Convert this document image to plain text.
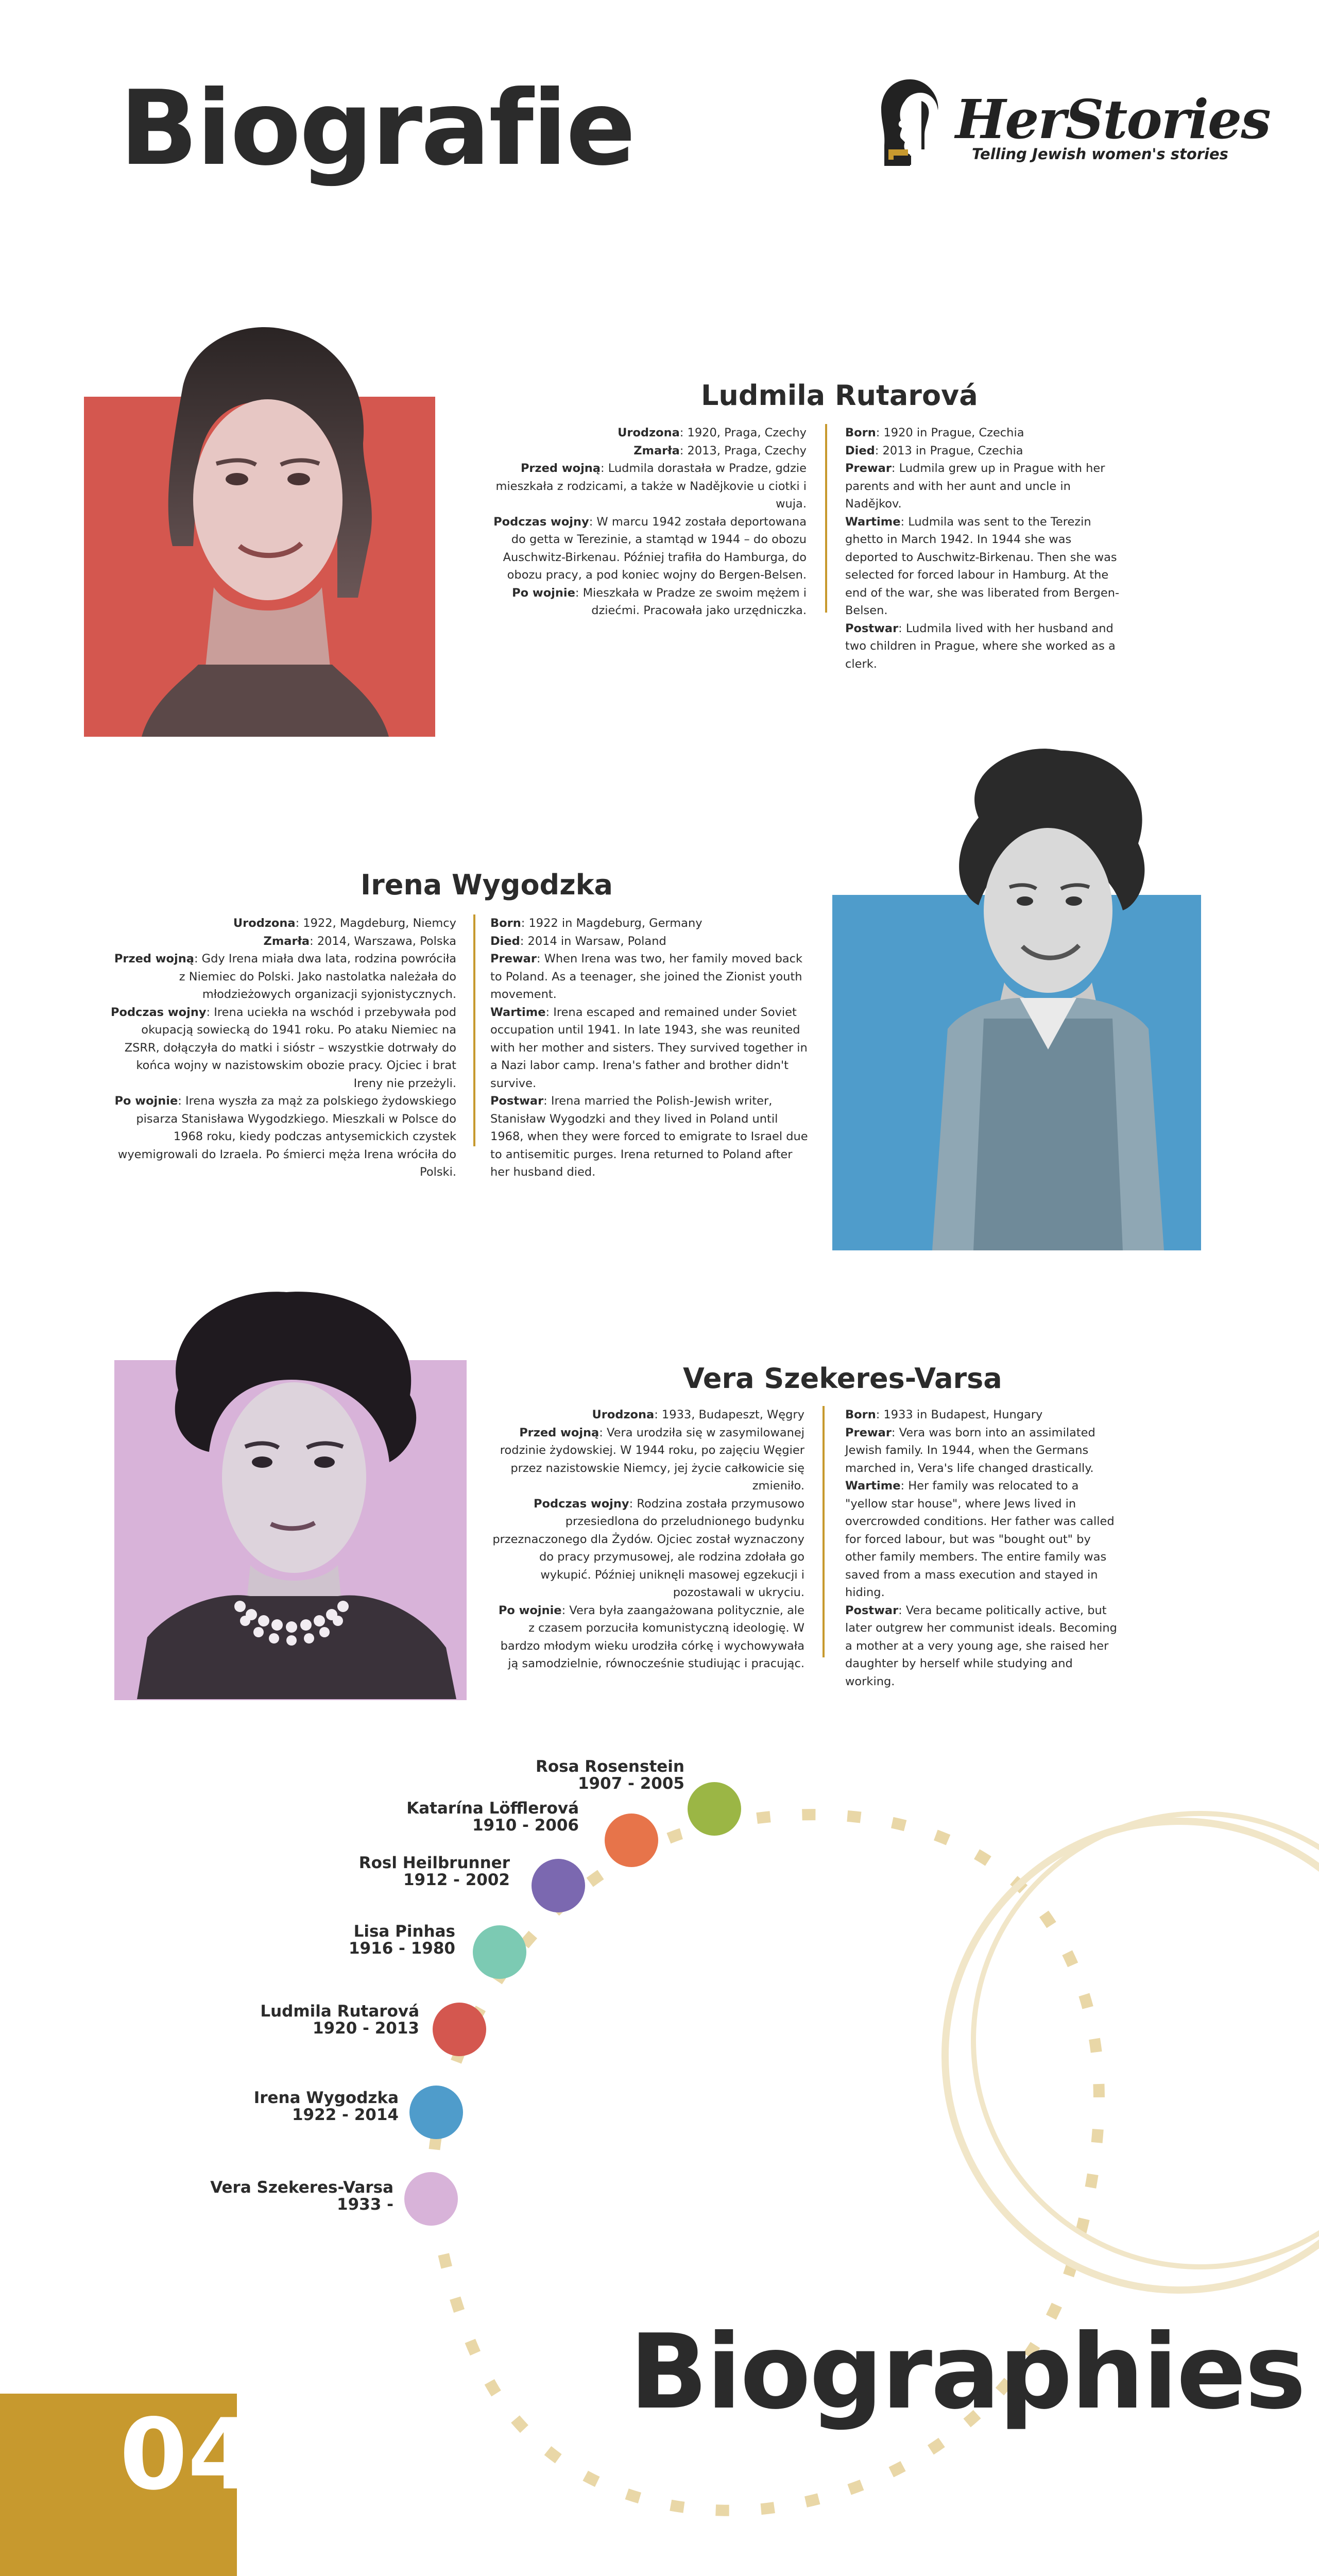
Biografie	HerStories
Telling Jewish women's stories
Ludmila Rutarová

Urodzona: 1920, Praga, Czechy

Zmarła: 2013, Praga, Czechy

Przed wojną: Ludmila dorastała w Pradze, gdzie mieszkała z rodzicami, a także w Nadějkovie u ciotki i wuja.

Podczas wojny: W marcu 1942 została deportowana do getta w Terezinie, a stamtąd w 1944 – do obozu Auschwitz-Birkenau. Później trafiła do Hamburga, do obozu pracy, a pod koniec wojny do Bergen-Belsen.

Po wojnie: Mieszkała w Pradze ze swoim mężem i dziećmi. Pracowała jako urzędniczka.

Born: 1920 in Prague, Czechia

Died: 2013 in Prague, Czechia

Prewar: Ludmila grew up in Prague with her parents and with her aunt and uncle in Nadějkov.

Wartime: Ludmila was sent to the Terezin ghetto in March 1942. In 1944 she was deported to Auschwitz-Birkenau. Then she was selected for forced labour in Hamburg. At the end of the war, she was liberated from Bergen-Belsen.

Postwar: Ludmila lived with her husband and two children in Prague, where she worked as a clerk.

Irena Wygodzka

Urodzona: 1922, Magdeburg, Niemcy

Zmarła: 2014, Warszawa, Polska

Przed wojną: Gdy Irena miała dwa lata, rodzina powróciła z Niemiec do Polski. Jako nastolatka należała do młodzieżowych organizacji syjonistycznych.

Podczas wojny: Irena uciekła na wschód i przebywała pod okupacją sowiecką do 1941 roku. Po ataku Niemiec na ZSRR, dołączyła do matki i sióstr – wszystkie dotrwały do końca wojny w nazistowskim obozie pracy. Ojciec i brat Ireny nie przeżyli.

Po wojnie: Irena wyszła za mąż za polskiego żydowskiego pisarza Stanisława Wygodzkiego. Mieszkali w Polsce do 1968 roku, kiedy podczas antysemickich czystek wyemigrowali do Izraela. Po śmierci męża Irena wróciła do Polski.

Born: 1922 in Magdeburg, Germany

Died: 2014 in Warsaw, Poland

Prewar: When Irena was two, her family moved back to Poland. As a teenager, she joined the Zionist youth movement.

Wartime: Irena escaped and remained under Soviet occupation until 1941. In late 1943, she was reunited with her mother and sisters. They survived together in a Nazi labor camp. Irena's father and brother didn't survive.

Postwar: Irena married the Polish-Jewish writer, Stanisław Wygodzki and they lived in Poland until 1968, when they were forced to emigrate to Israel due to antisemitic purges. Irena returned to Poland after her husband died.

Vera Szekeres-Varsa

Urodzona: 1933, Budapeszt, Węgry

Przed wojną: Vera urodziła się w zasymilowanej rodzinie żydowskiej. W 1944 roku, po zajęciu Węgier przez nazistowskie Niemcy, jej życie całkowicie się zmieniło.

Podczas wojny: Rodzina została przymusowo przesiedlona do przeludnionego budynku przeznaczonego dla Żydów. Ojciec został wyznaczony do pracy przymusowej, ale rodzina zdołała go wykupić. Później uniknęli masowej egzekucji i pozostawali w ukryciu.

Po wojnie: Vera była zaangażowana politycznie, ale z czasem porzuciła komunistyczną ideologię. W bardzo młodym wieku urodziła córkę i wychowywała ją samodzielnie, równocześnie studiując i pracując.

Born: 1933 in Budapest, Hungary

Prewar: Vera was born into an assimilated Jewish family. In 1944, when the Germans marched in, Vera's life changed drastically.

Wartime: Her family was relocated to a "yellow star house", where Jews lived in overcrowded conditions. Her father was called for forced labour, but was "bought out" by other family members. The entire family was saved from a mass execution and stayed in hiding.

Postwar: Vera became politically active, but later outgrew her communist ideals. Becoming a mother at a very young age, she raised her daughter by herself while studying and working.

Rosa Rosenstein
1907 - 2005
Katarína Löfflerová
1910 - 2006
Rosl Heilbrunner
1912 - 2002
Lisa Pinhas
1916 - 1980
Ludmila Rutarová
1920 - 2013
Irena Wygodzka
1922 - 2014
Vera Szekeres-Varsa
1933 -
Biographies
04
